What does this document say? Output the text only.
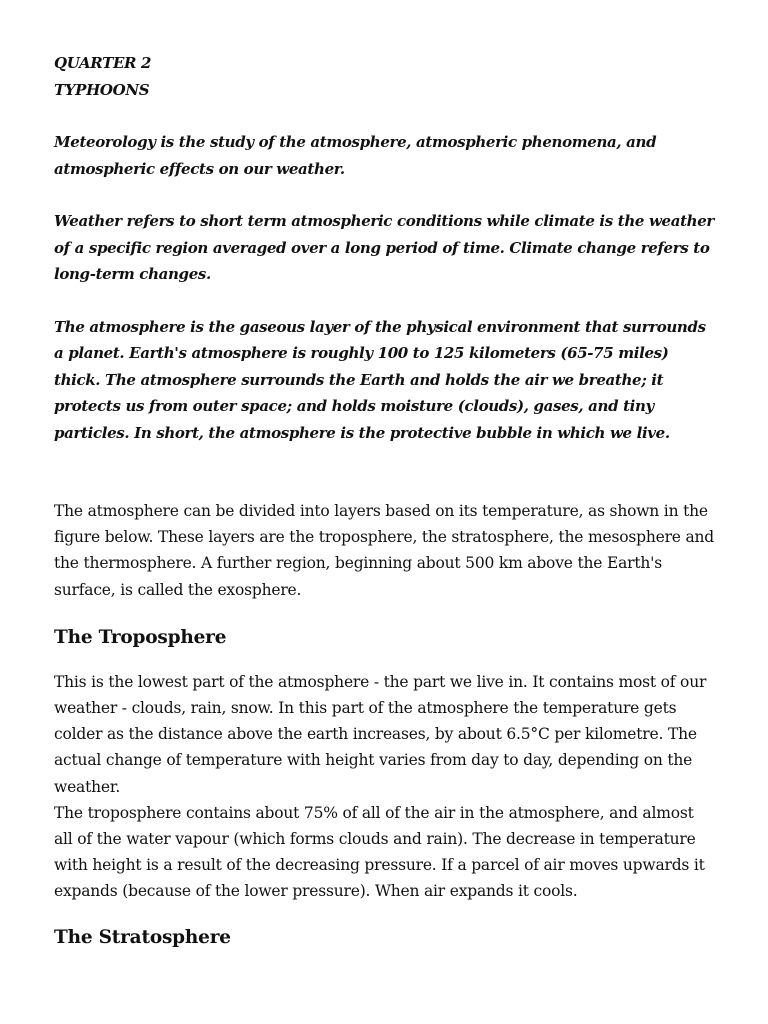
QUARTER 2

TYPHOONS

Meteorology is the study of the atmosphere, atmospheric phenomena, and atmospheric effects on our weather.

Weather refers to short term atmospheric conditions while climate is the weather of a specific region averaged over a long period of time. Climate change refers to long-term changes.

The atmosphere is the gaseous layer of the physical environment that surrounds a planet. Earth's atmosphere is roughly 100 to 125 kilometers (65-75 miles) thick. The atmosphere surrounds the Earth and holds the air we breathe; it protects us from outer space; and holds moisture (clouds), gases, and tiny particles. In short, the atmosphere is the protective bubble in which we live.

The atmosphere can be divided into layers based on its temperature, as shown in the figure below. These layers are the troposphere, the stratosphere, the mesosphere and the thermosphere. A further region, beginning about 500 km above the Earth's surface, is called the exosphere.

The Troposphere

This is the lowest part of the atmosphere - the part we live in. It contains most of our weather - clouds, rain, snow. In this part of the atmosphere the temperature gets colder as the distance above the earth increases, by about 6.5°C per kilometre. The actual change of temperature with height varies from day to day, depending on the weather.

The troposphere contains about 75% of all of the air in the atmosphere, and almost all of the water vapour (which forms clouds and rain). The decrease in temperature with height is a result of the decreasing pressure. If a parcel of air moves upwards it expands (because of the lower pressure). When air expands it cools.

The Stratosphere
